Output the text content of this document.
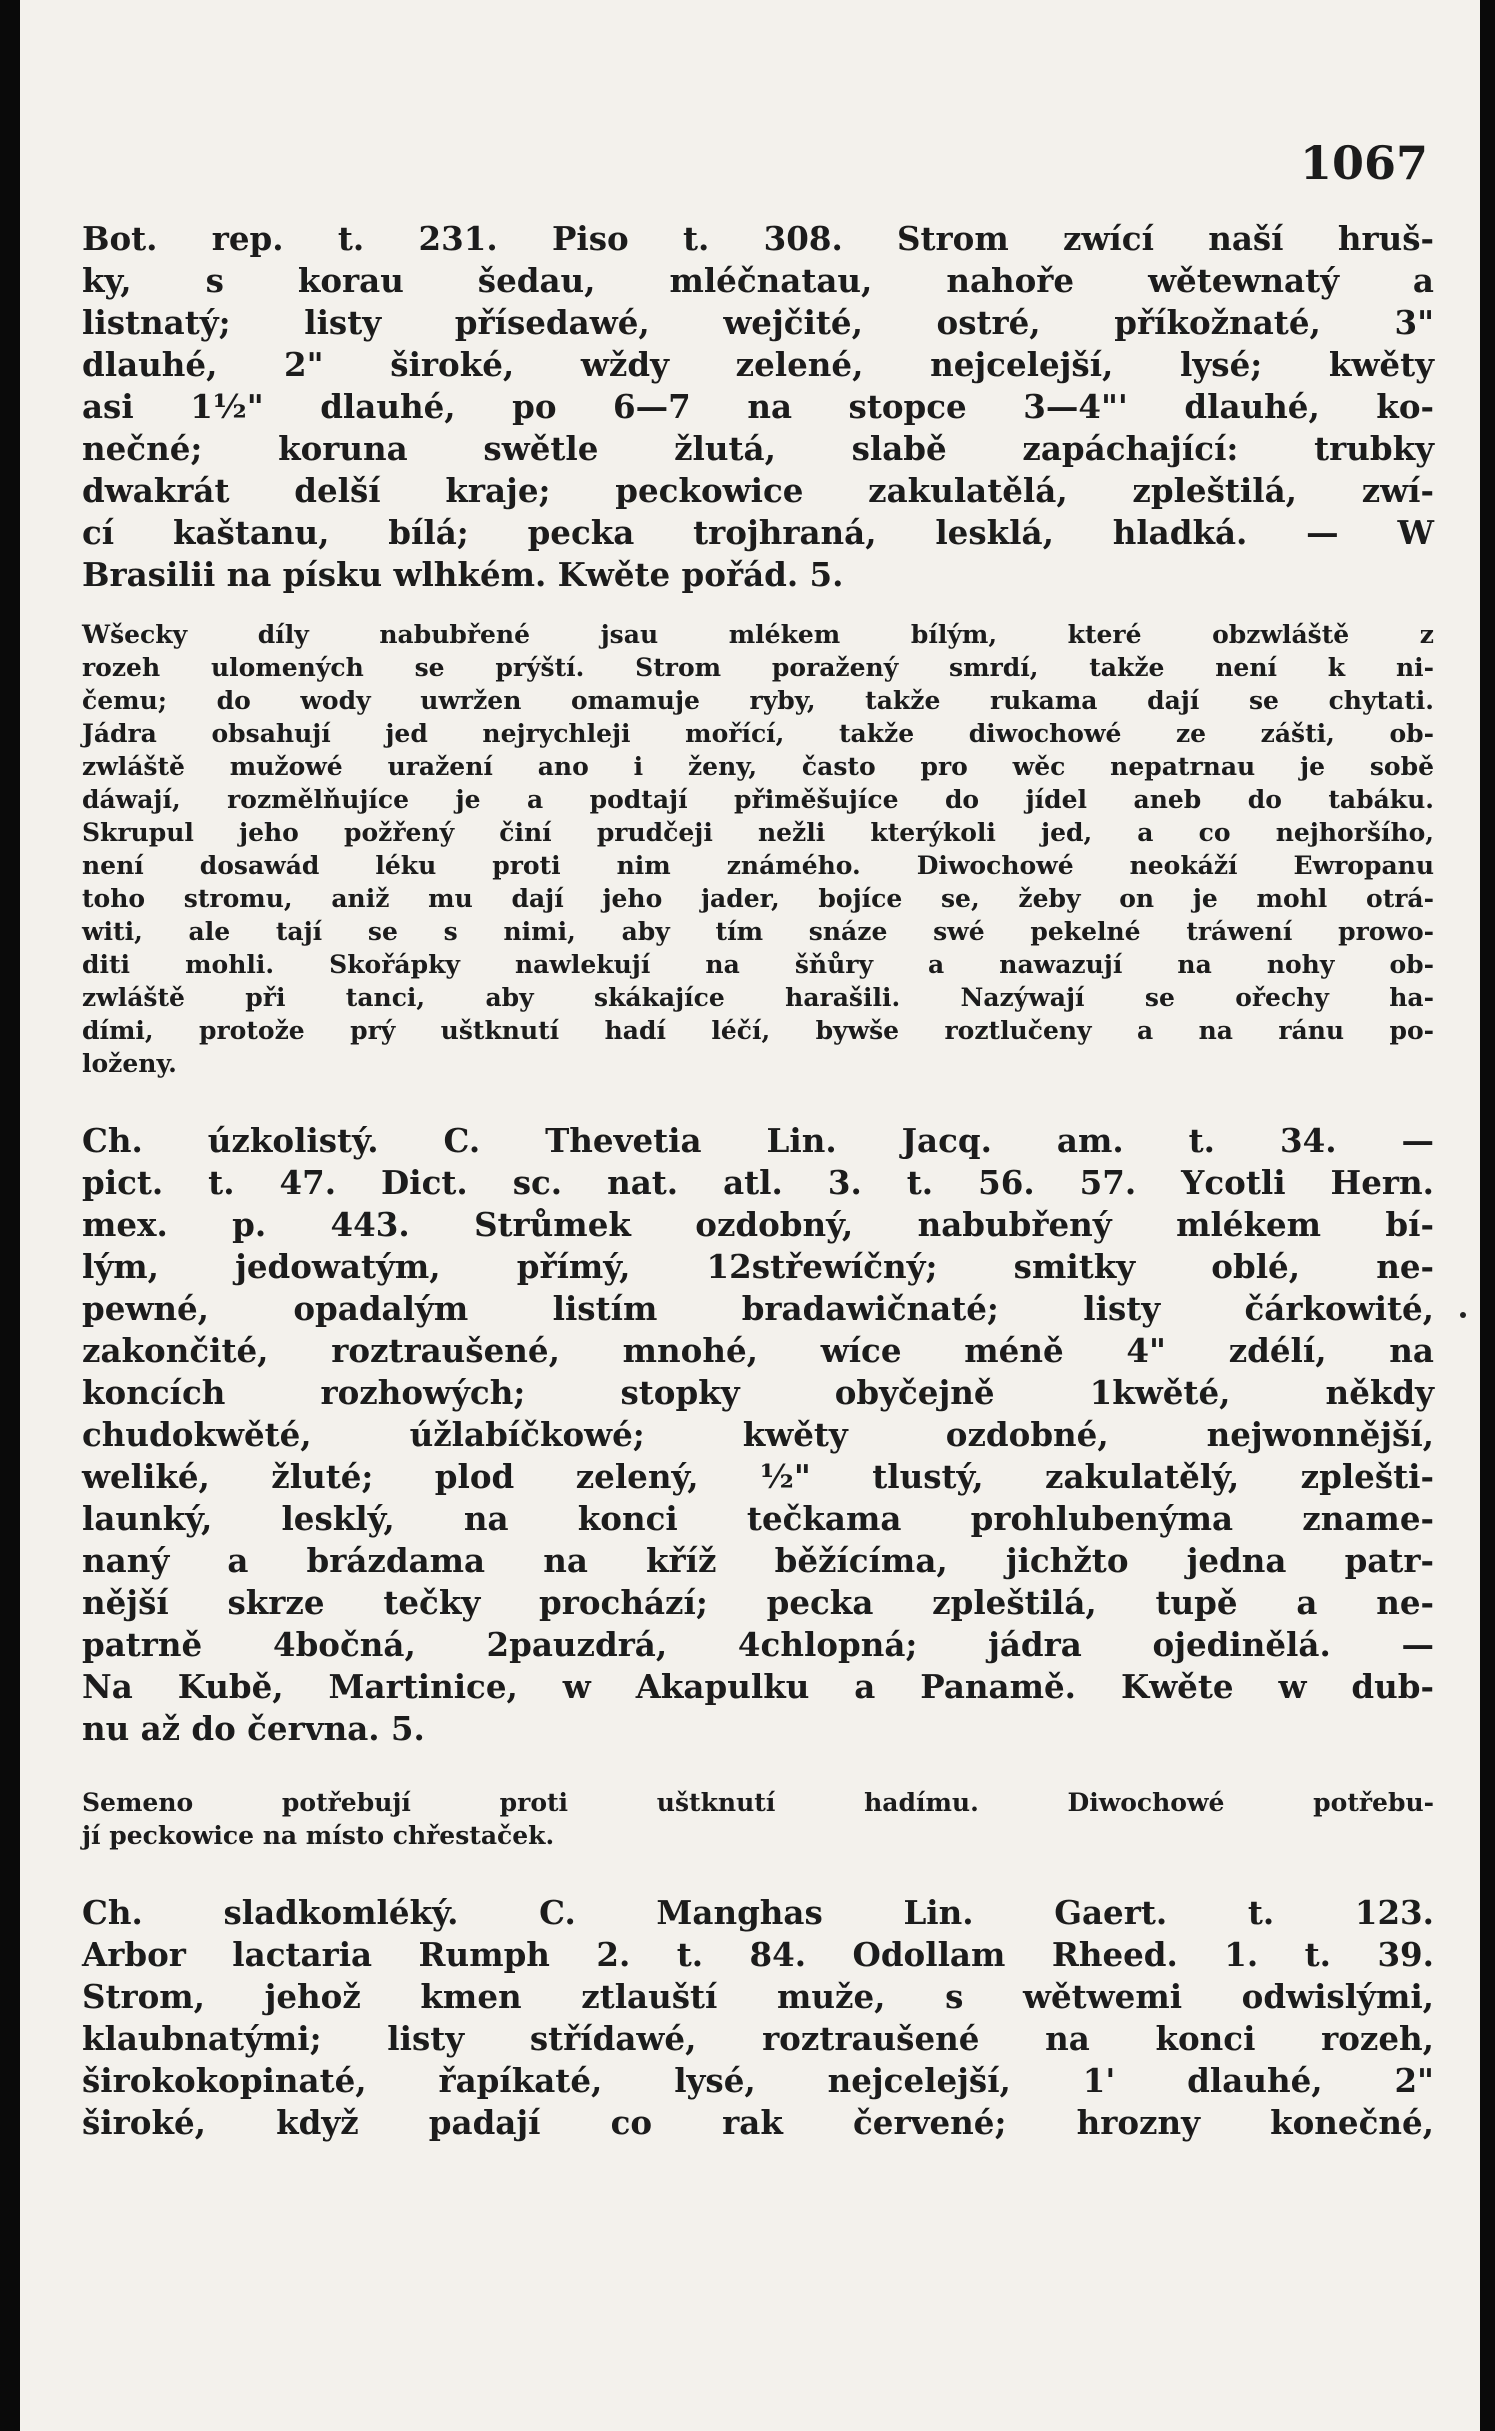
1067
Bot. rep. t. 231. Piso t. 308. Strom zwící naší hruš-
ky, s korau šedau, mléčnatau, nahoře wětewnatý a
listnatý; listy přísedawé, wejčité, ostré, příkožnaté, 3"
dlauhé, 2" široké, wždy zelené, nejcelejší, lysé; kwěty
asi 1½" dlauhé, po 6—7 na stopce 3—4"' dlauhé, ko-
nečné; koruna swětle žlutá, slabě zapáchající: trubky
dwakrát delší kraje; peckowice zakulatělá, zpleštilá, zwí-
cí kaštanu, bílá; pecka trojhraná, lesklá, hladká. — W
Brasilii na písku wlhkém. Kwěte pořád. 5.
Wšecky díly nabubřené jsau mlékem bílým, které obzwláště z
rozeh ulomených se prýští. Strom poražený smrdí, takže není k ni-
čemu; do wody uwržen omamuje ryby, takže rukama dají se chytati.
Jádra obsahují jed nejrychleji mořící, takže diwochowé ze zášti, ob-
zwláště mužowé uražení ano i ženy, často pro wěc nepatrnau je sobě
dáwají, rozmělňujíce je a podtají přiměšujíce do jídel aneb do tabáku.
Skrupul jeho požřený činí prudčeji nežli kterýkoli jed, a co nejhoršího,
není dosawád léku proti nim známého. Diwochowé neokáží Ewropanu
toho stromu, aniž mu dají jeho jader, bojíce se, žeby on je mohl otrá-
witi, ale tají se s nimi, aby tím snáze swé pekelné tráwení prowo-
diti mohli. Skořápky nawlekují na šňůry a nawazují na nohy ob-
zwláště při tanci, aby skákajíce harašili. Nazýwají se ořechy ha-
dími, protože prý uštknutí hadí léčí, bywše roztlučeny a na ránu po-
loženy.
Ch. úzkolistý. C. Thevetia Lin. Jacq. am. t. 34. —
pict. t. 47. Dict. sc. nat. atl. 3. t. 56. 57. Ycotli Hern.
mex. p. 443. Strůmek ozdobný, nabubřený mlékem bí-
lým, jedowatým, přímý, 12střewíčný; smitky oblé, ne-
pewné, opadalým listím bradawičnaté; listy čárkowité,
zakončité, roztraušené, mnohé, wíce méně 4" zdélí, na
koncích rozhowých; stopky obyčejně 1kwěté, někdy
chudokwěté, úžlabíčkowé; kwěty ozdobné, nejwonnější,
weliké, žluté; plod zelený, ½" tlustý, zakulatělý, zplešti-
launký, lesklý, na konci tečkama prohlubenýma zname-
naný a brázdama na kříž běžícíma, jichžto jedna patr-
nější skrze tečky prochází; pecka zpleštilá, tupě a ne-
patrně 4bočná, 2pauzdrá, 4chlopná; jádra ojedinělá. —
Na Kubě, Martinice, w Akapulku a Panamě. Kwěte w dub-
nu až do června. 5.
Semeno potřebují proti uštknutí hadímu. Diwochowé potřebu-
jí peckowice na místo chřestaček.
Ch. sladkomléký. C. Manghas Lin. Gaert. t. 123.
Arbor lactaria Rumph 2. t. 84. Odollam Rheed. 1. t. 39.
Strom, jehož kmen ztlauští muže, s wětwemi odwislými,
klaubnatými; listy střídawé, roztraušené na konci rozeh,
širokokopinaté, řapíkaté, lysé, nejcelejší, 1' dlauhé, 2"
široké, když padají co rak červené; hrozny konečné,
